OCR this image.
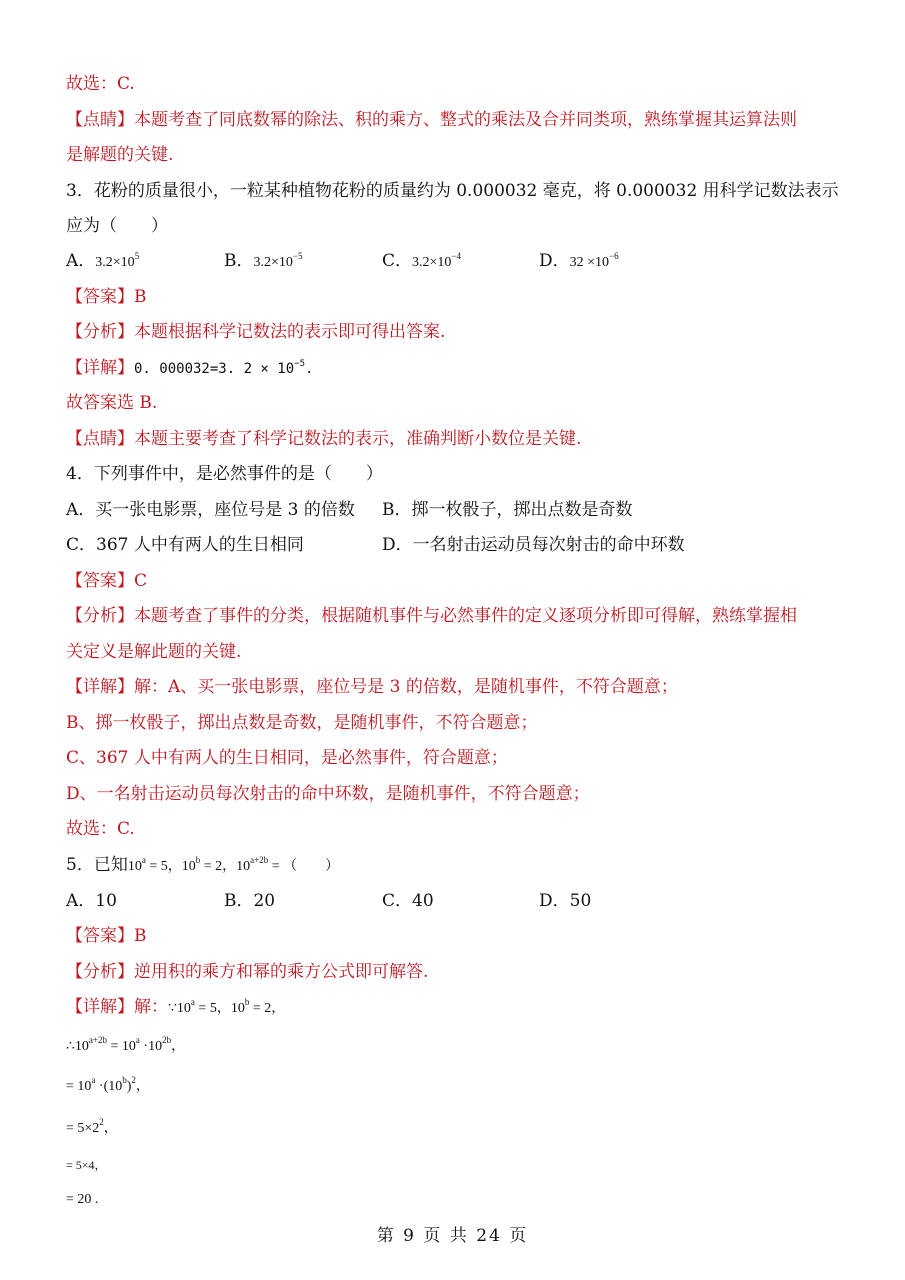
故选：C.
【点睛】本题考查了同底数幂的除法、积的乘方、整式的乘法及合并同类项，熟练掌握其运算法则
是解题的关键.
3．花粉的质量很小，一粒某种植物花粉的质量约为 0.000032 毫克，将 0.000032 用科学记数法表示
应为（　　）
A．$3.2\times 10^5$	B．$3.2\times 10^{-5}$	C．$3.2\times 10^{-4}$	D．$32 \times 10^{-6}$
【答案】B
【分析】本题根据科学记数法的表示即可得出答案.
【详解】0. 000032=3. $2 \times 10^{-5}$.
故答案选 B.
【点睛】本题主要考查了科学记数法的表示，准确判断小数位是关键.
4．下列事件中，是必然事件的是（　　）
A．买一张电影票，座位号是 3 的倍数 B．掷一枚骰子，掷出点数是奇数
C．367 人中有两人的生日相同	D．一名射击运动员每次射击的命中环数
【答案】C
【分析】本题考查了事件的分类，根据随机事件与必然事件的定义逐项分析即可得解，熟练掌握相
关定义是解此题的关键.
【详解】解：A、买一张电影票，座位号是 3 的倍数，是随机事件，不符合题意；
B、掷一枚骰子，掷出点数是奇数，是随机事件，不符合题意；
C、367 人中有两人的生日相同，是必然事件，符合题意；
D、一名射击运动员每次射击的命中环数，是随机事件，不符合题意；
故选：C.
5．已知$10^a = 5$，$10^b = 2$，$10^{a+2b}$ = （　　）
A．10	B．20	C．40	D．50
【答案】B
【分析】逆用积的乘方和幂的乘方公式即可解答.
【详解】解：$\because 10^a = 5$，$10^b = 2$，
$\therefore 10^{a+2b} = 10^a \cdot 10^{2b}$，
= $10^a \cdot(10^b)^2$，
= $5\times 2^2$，
= 5×4，
= 20 .
第 9 页 共 24 页
